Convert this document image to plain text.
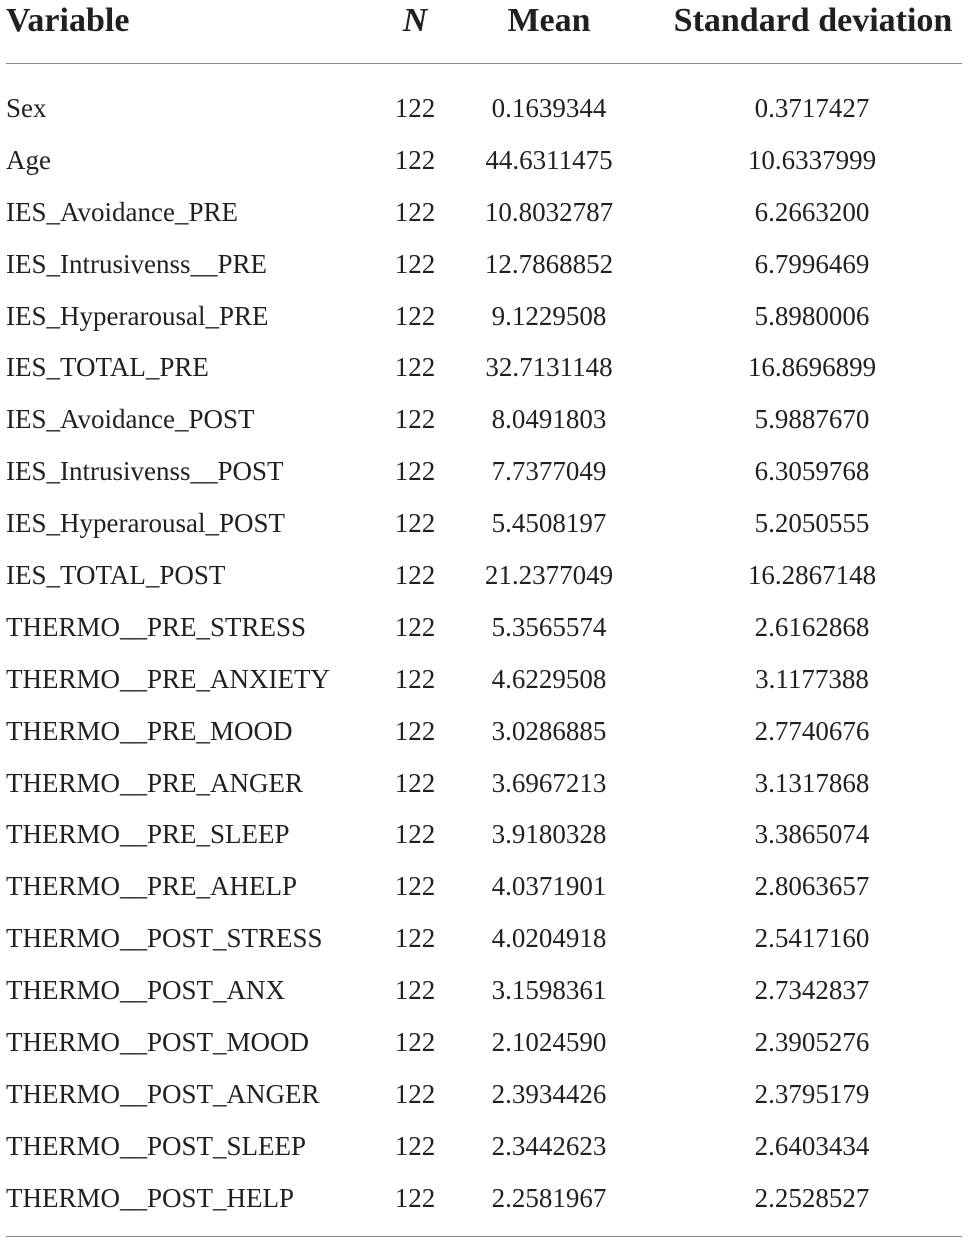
Variable	N	Mean	Standard deviation
Sex	122	0.1639344	0.3717427
Age	122	44.6311475	10.6337999
IES_Avoidance_PRE	122	10.8032787	6.2663200
IES_Intrusivenss__PRE	122	12.7868852	6.7996469
IES_Hyperarousal_PRE	122	9.1229508	5.8980006
IES_TOTAL_PRE	122	32.7131148	16.8696899
IES_Avoidance_POST	122	8.0491803	5.9887670
IES_Intrusivenss__POST	122	7.7377049	6.3059768
IES_Hyperarousal_POST	122	5.4508197	5.2050555
IES_TOTAL_POST	122	21.2377049	16.2867148
THERMO__PRE_STRESS	122	5.3565574	2.6162868
THERMO__PRE_ANXIETY	122	4.6229508	3.1177388
THERMO__PRE_MOOD	122	3.0286885	2.7740676
THERMO__PRE_ANGER	122	3.6967213	3.1317868
THERMO__PRE_SLEEP	122	3.9180328	3.3865074
THERMO__PRE_AHELP	122	4.0371901	2.8063657
THERMO__POST_STRESS	122	4.0204918	2.5417160
THERMO__POST_ANX	122	3.1598361	2.7342837
THERMO__POST_MOOD	122	2.1024590	2.3905276
THERMO__POST_ANGER	122	2.3934426	2.3795179
THERMO__POST_SLEEP	122	2.3442623	2.6403434
THERMO__POST_HELP	122	2.2581967	2.2528527
